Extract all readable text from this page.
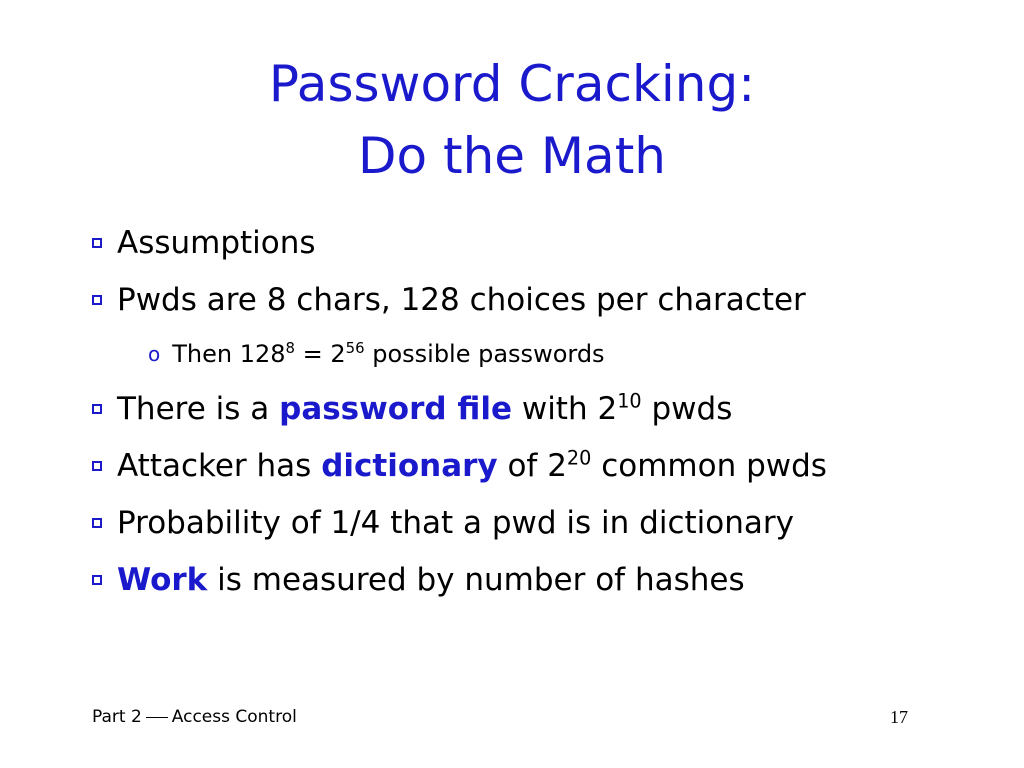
Password Cracking:
Do the Math
Assumptions
Pwds are 8 chars, 128 choices per character
o Then $128^8 = 2^{56}$ possible passwords
There is a password file with $2^{10}$ pwds
Attacker has dictionary of $2^{20}$ common pwds
Probability of 1/4 that a pwd is in dictionary
Work is measured by number of hashes
Part 2 Access Control	17
